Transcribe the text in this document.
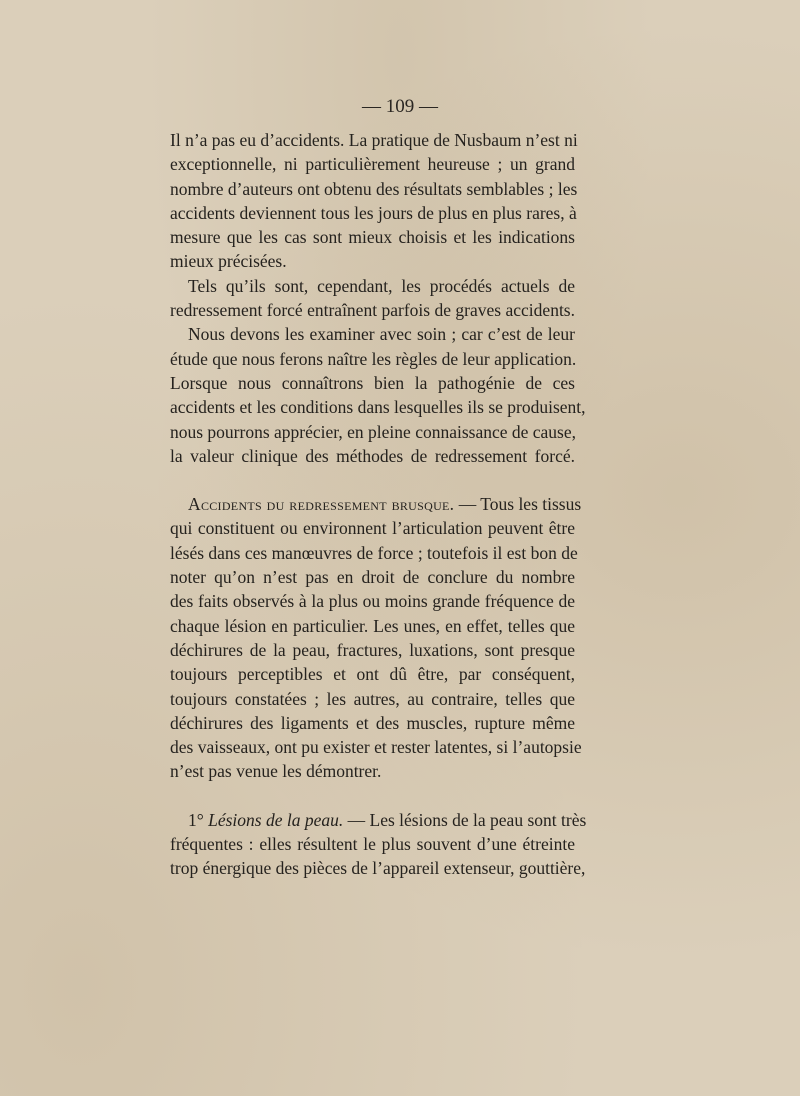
— 109 —
Il n’a pas eu d’accidents. La pratique de Nusbaum n’est ni
exceptionnelle, ni particulièrement heureuse ; un grand
nombre d’auteurs ont obtenu des résultats semblables ; les
accidents deviennent tous les jours de plus en plus rares, à
mesure que les cas sont mieux choisis et les indications
mieux précisées.
Tels qu’ils sont, cependant, les procédés actuels de
redressement forcé entraînent parfois de graves accidents.
Nous devons les examiner avec soin ; car c’est de leur
étude que nous ferons naître les règles de leur application.
Lorsque nous connaîtrons bien la pathogénie de ces
accidents et les conditions dans lesquelles ils se produisent,
nous pourrons apprécier, en pleine connaissance de cause,
la valeur clinique des méthodes de redressement forcé.
Accidents du redressement brusque. — Tous les tissus
qui constituent ou environnent l’articulation peuvent être
lésés dans ces manœuvres de force ; toutefois il est bon de
noter qu’on n’est pas en droit de conclure du nombre
des faits observés à la plus ou moins grande fréquence de
chaque lésion en particulier. Les unes, en effet, telles que
déchirures de la peau, fractures, luxations, sont presque
toujours perceptibles et ont dû être, par conséquent,
toujours constatées ; les autres, au contraire, telles que
déchirures des ligaments et des muscles, rupture même
des vaisseaux, ont pu exister et rester latentes, si l’autopsie
n’est pas venue les démontrer.
1° Lésions de la peau. — Les lésions de la peau sont très
fréquentes : elles résultent le plus souvent d’une étreinte
trop énergique des pièces de l’appareil extenseur, gouttière,
